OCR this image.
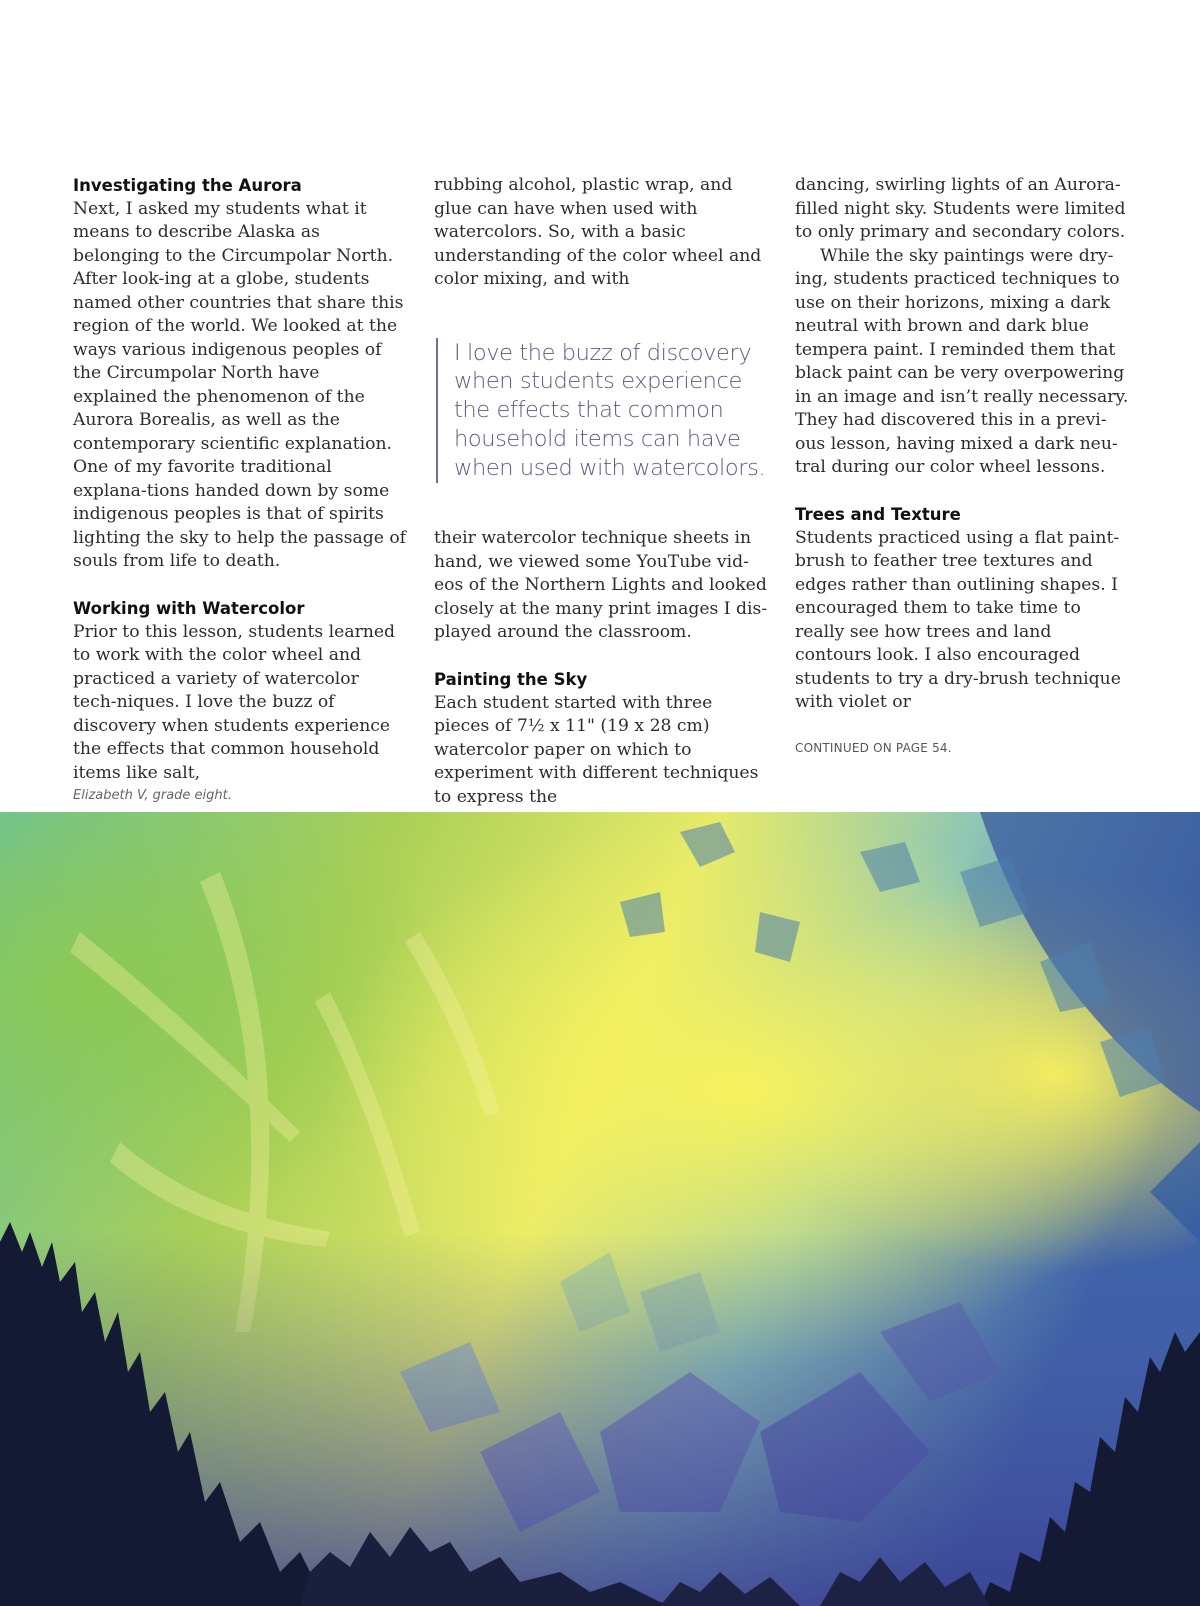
Investigating the Aurora

Next, I asked my students what it means to describe Alaska as belonging to the Circumpolar North. After look-ing at a globe, students named other countries that share this region of the world. We looked at the ways various indigenous peoples of the Circumpolar North have explained the phenomenon of the Aurora Borealis, as well as the contemporary scientific explanation. One of my favorite traditional explana-tions handed down by some indigenous peoples is that of spirits lighting the sky to help the passage of souls from life to death.

Working with Watercolor

Prior to this lesson, students learned to work with the color wheel and practiced a variety of watercolor tech-niques. I love the buzz of discovery when students experience the effects that common household items like salt,

rubbing alcohol, plastic wrap, and glue can have when used with watercolors. So, with a basic understanding of the color wheel and color mixing, and with

I love the buzz of discovery when students experience the effects that common household items can have when used with watercolors.

their watercolor technique sheets in hand, we viewed some YouTube vid-eos of the Northern Lights and looked closely at the many print images I dis-played around the classroom.

Painting the Sky

Each student started with three pieces of 7½ x 11" (19 x 28 cm) watercolor paper on which to experiment with different techniques to express the

dancing, swirling lights of an Aurora-filled night sky. Students were limited to only primary and secondary colors.

While the sky paintings were dry-ing, students practiced techniques to use on their horizons, mixing a dark neutral with brown and dark blue tempera paint. I reminded them that black paint can be very overpowering in an image and isn’t really necessary. They had discovered this in a previ-ous lesson, having mixed a dark neu-tral during our color wheel lessons.

Trees and Texture

Students practiced using a flat paint-brush to feather tree textures and edges rather than outlining shapes. I encouraged them to take time to really see how trees and land contours look. I also encouraged students to try a dry-brush technique with violet or

CONTINUED ON PAGE 54.
Elizabeth V, grade eight.
